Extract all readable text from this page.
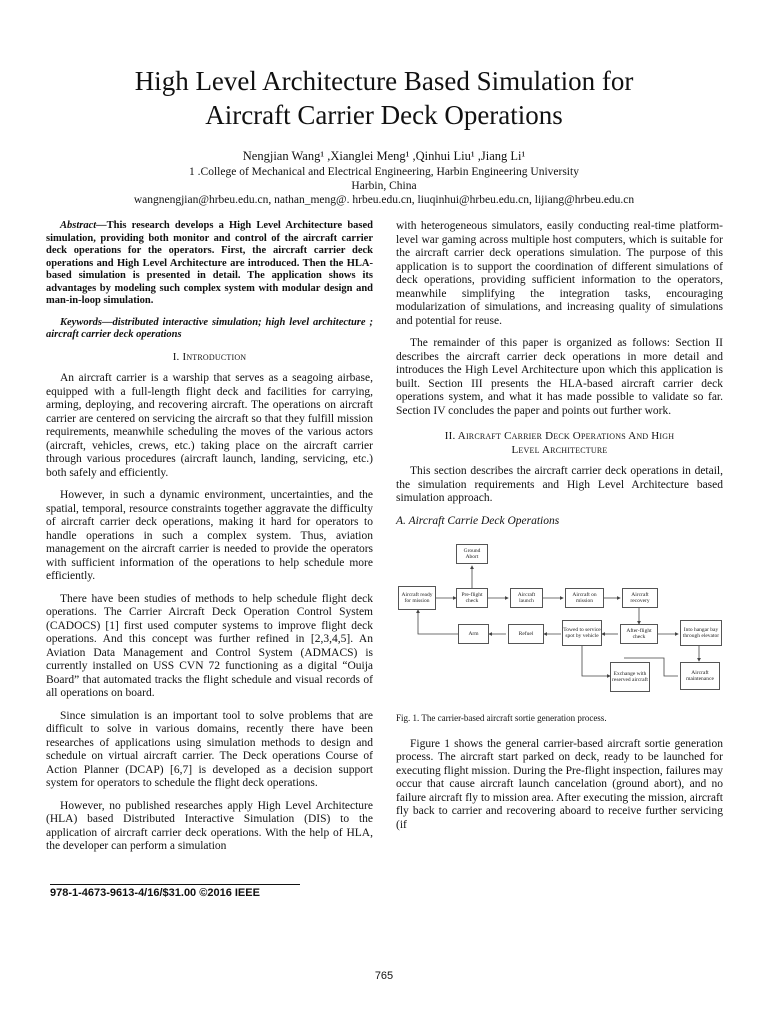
High Level Architecture Based Simulation for
Aircraft Carrier Deck Operations
Nengjian Wang¹ ,Xianglei Meng¹ ,Qinhui Liu¹ ,Jiang Li¹
1 .College of Mechanical and Electrical Engineering, Harbin Engineering University
Harbin, China
wangnengjian@hrbeu.edu.cn, nathan_meng@. hrbeu.edu.cn, liuqinhui@hrbeu.edu.cn, lijiang@hrbeu.edu.cn

Abstract—This research develops a High Level Architecture based simulation, providing both monitor and control of the aircraft carrier deck operations for the operators. First, the aircraft carrier deck operations and High Level Architecture are introduced. Then the HLA-based simulation is presented in detail. The application shows its advantages by modeling such complex system with modular design and man-in-loop simulation.

Keywords—distributed interactive simulation; high level architecture ; aircraft carrier deck operations

I. Introduction

An aircraft carrier is a warship that serves as a seagoing airbase, equipped with a full-length flight deck and facilities for carrying, arming, deploying, and recovering aircraft. The operations on aircraft carrier are centered on servicing the aircraft so that they fulfill mission requirements, meanwhile scheduling the moves of the various actors (aircraft, vehicles, crews, etc.) taking place on the aircraft carrier through various procedures (aircraft launch, landing, servicing, etc.) both safely and efficiently.

However, in such a dynamic environment, uncertainties, and the spatial, temporal, resource constraints together aggravate the difficulty of aircraft carrier deck operations, making it hard for operators to handle operations in such a complex system. Thus, aviation management on the aircraft carrier is needed to provide the operators with sufficient information of the operations to help schedule more efficiently.

There have been studies of methods to help schedule flight deck operations. The Carrier Aircraft Deck Operation Control System (CADOCS) [1] first used computer systems to improve flight deck operations. And this concept was further refined in [2,3,4,5]. An Aviation Data Management and Control System (ADMACS) is currently installed on USS CVN 72 functioning as a digital “Ouija Board” that automated tracks the flight schedule and visual records of all operations on board.

Since simulation is an important tool to solve problems that are difficult to solve in various domains, recently there have been researches of applications using simulation methods to design and schedule on virtual aircraft carrier. The Deck operations Course of Action Planner (DCAP) [6,7] is developed as a decision support system for operators to schedule the flight deck operations.

However, no published researches apply High Level Architecture (HLA) based Distributed Interactive Simulation (DIS) to the application of aircraft carrier deck operations. With the help of HLA, the developer can perform a simulation

with heterogeneous simulators, easily conducting real-time platform-level war gaming across multiple host computers, which is suitable for the aircraft carrier deck operations simulation. The purpose of this application is to support the coordination of different simulations of deck operations, providing sufficient information to the operators, meanwhile simplifying the integration tasks, encouraging modularization of simulations, and increasing quality of simulations and potential for reuse.

The remainder of this paper is organized as follows: Section II describes the aircraft carrier deck operations in more detail and introduces the High Level Architecture upon which this application is built. Section III presents the HLA-based aircraft carrier deck operations system, and what it has made possible to validate so far. Section IV concludes the paper and points out further work.

II. Aircraft Carrier Deck Operations And High
Level Architecture

This section describes the aircraft carrier deck operations in detail, the simulation requirements and High Level Architecture based simulation approach.

A. Aircraft Carrie Deck Operations
Ground Abort
Aircraft ready for mission
Pre-flight check
Aircraft launch
Aircraft on mission
Aircraft recovery
Arm	Refuel
Towed to service spot by vehicle
After-flight check
Into hangar bay through elevator
Exchange with reserved aircraft
Aircraft maintenance
Fig. 1. The carrier-based aircraft sortie generation process.

Figure 1 shows the general carrier-based aircraft sortie generation process. The aircraft start parked on deck, ready to be launched for executing flight mission. During the Pre-flight inspection, failures may occur that cause aircraft launch cancelation (ground abort), and no failure aircraft fly to mission area. After executing the mission, aircraft fly back to carrier and recovering aboard to receive further servicing (if

978-1-4673-9613-4/16/$31.00 ©2016 IEEE
765
